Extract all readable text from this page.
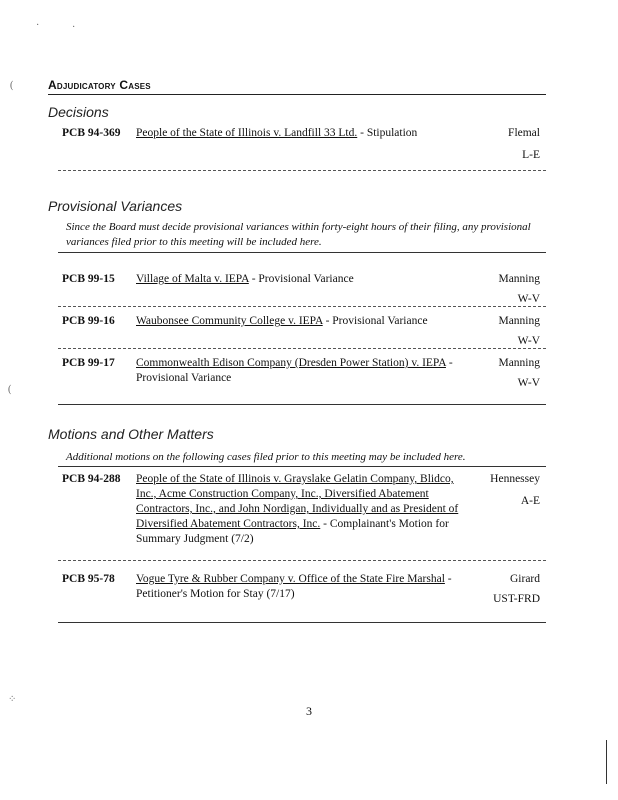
·	·
(
(
⁘
Adjudicatory Cases
Decisions
PCB 94-369 People of the State of Illinois v. Landfill 33 Ltd. - Stipulation	Flemal
L-E
Provisional Variances
Since the Board must decide provisional variances within forty-eight hours of their filing, any provisional variances filed prior to this meeting will be included here.
PCB 99-15 Village of Malta v. IEPA - Provisional Variance	Manning
W-V
PCB 99-16 Waubonsee Community College v. IEPA - Provisional Variance	Manning
W-V
PCB 99-17 Commonwealth Edison Company (Dresden Power Station) v. IEPA - Provisional Variance
Manning
W-V
Motions and Other Matters
Additional motions on the following cases filed prior to this meeting may be included here.
PCB 94-288 People of the State of Illinois v. Grayslake Gelatin Company, Blidco, Inc., Acme Construction Company, Inc., Diversified Abatement Contractors, Inc., and John Nordigan, Individually and as President of Diversified Abatement Contractors, Inc. - Complainant's Motion for Summary Judgment (7/2)
Hennessey
A-E
PCB 95-78 Vogue Tyre & Rubber Company v. Office of the State Fire Marshal - Petitioner's Motion for Stay (7/17)
Girard
UST-FRD
3
